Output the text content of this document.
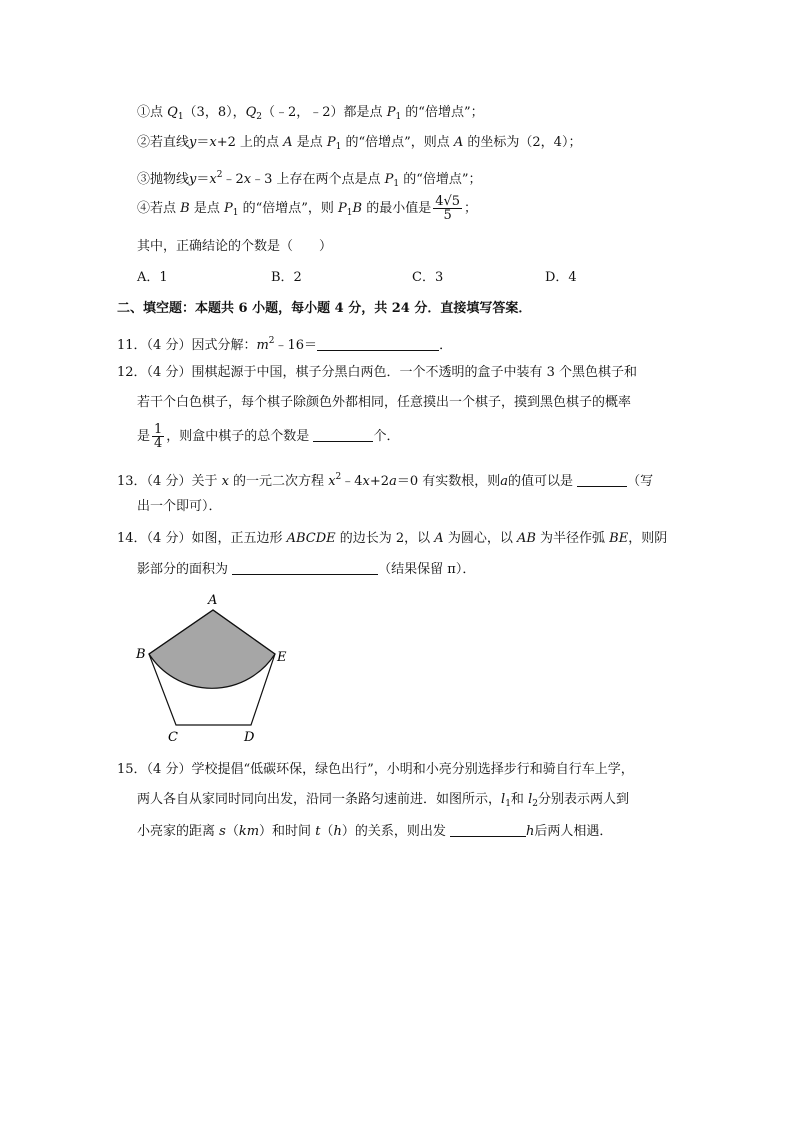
①点 $Q_1(3$，8），$Q_2(﹣2$，﹣2）都是点 $P_1$ 的“倍增点”；
②若直线y＝x+2 上的点 A 是点 $P_1$ 的“倍增点”，则点 A 的坐标为（2，4）；
③抛物线$y=x^2﹣2x﹣3$ 上存在两个点是点 $P_1$ 的“倍增点”；
④若点 B 是点 $P_1$ 的“倍增点”，则 $P_1B$ 的最小值是 $\frac{4√5}{5}$ ；
其中，正确结论的个数是（　　）
A．1	B．2	C．3	D．4
二、填空题：本题共 6 小题，每小题 4 分，共 24 分．直接填写答案．
11．（4 分）因式分解：$m^2﹣16=$	．
12．（4 分）围棋起源于中国，棋子分黑白两色．一个不透明的盒子中装有 3 个黑色棋子和
若干个白色棋子，每个棋子除颜色外都相同，任意摸出一个棋子，摸到黑色棋子的概率
是 $\frac{1}{4}$ ，则盒中棋子的总个数是	个．
13．（4 分）关于 x 的一元二次方程 $x^2﹣4x+2a=0$ 有实数根，则a的值可以是	（写
出一个即可）．
14．（4 分）如图，正五边形 ABCDE 的边长为 2，以 A 为圆心，以 AB 为半径作弧 BE，则阴
影部分的面积为	（结果保留 π）．
A
B
C	D
E
15．（4 分）学校提倡“低碳环保，绿色出行”，小明和小亮分别选择步行和骑自行车上学，
两人各自从家同时同向出发，沿同一条路匀速前进．如图所示，$l_1$和 $l_2$分别表示两人到
小亮家的距离 s（km）和时间 t（h）的关系，则出发	h后两人相遇．
